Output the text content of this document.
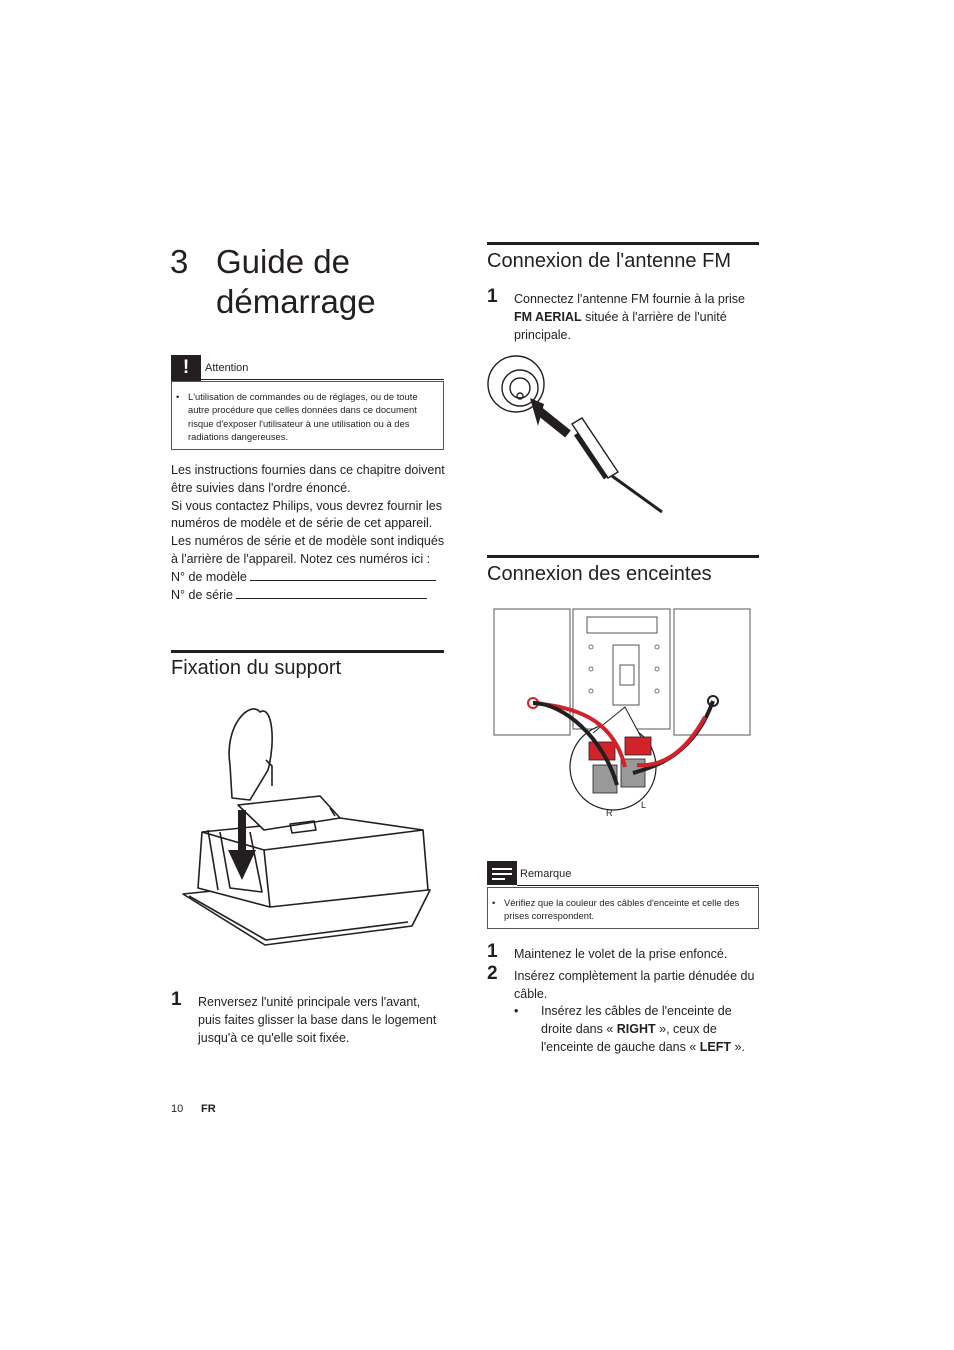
3 Guide de démarrage
!	Attention
• L'utilisation de commandes ou de réglages, ou de toute autre procédure que celles données dans ce document risque d'exposer l'utilisateur à une utilisation ou à des radiations dangereuses.
Les instructions fournies dans ce chapitre doivent être suivies dans l'ordre énoncé.
Si vous contactez Philips, vous devrez fournir les numéros de modèle et de série de cet appareil. Les numéros de série et de modèle sont indiqués à l'arrière de l'appareil. Notez ces numéros ici :
N° de modèle
N° de série
Fixation du support
1 Renversez l'unité principale vers l'avant, puis faites glisser la base dans le logement jusqu'à ce qu'elle soit fixée.
Connexion de l'antenne FM
1 Connectez l'antenne FM fournie à la prise FM AERIAL située à l'arrière de l'unité principale.
Connexion des enceintes
R
L
Remarque
• Vérifiez que la couleur des câbles d'enceinte et celle des prises correspondent.
1 Maintenez le volet de la prise enfoncé.
2 Insérez complètement la partie dénudée du câble.
• Insérez les câbles de l'enceinte de droite dans « RIGHT », ceux de l'enceinte de gauche dans « LEFT ».
10 FR
